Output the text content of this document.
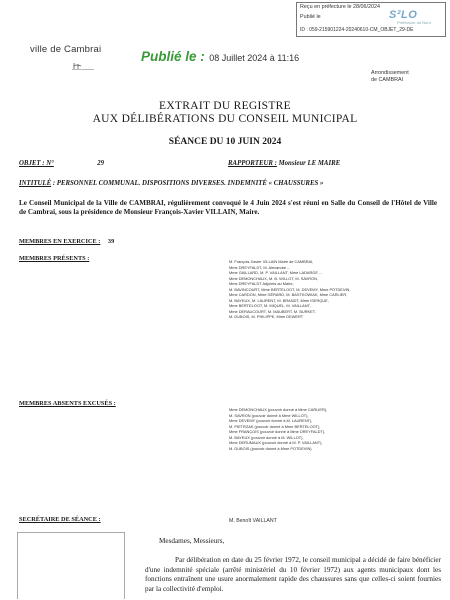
Reçu en préfecture le 28/06/2024
Publié le	S²LO
Préfecture du Nord
ID : 059-215901224-20240610-CM_OBJET_29-DE
ville de Cambrai	Publié le : 08 Juillet 2024 à 11:16
Arrondissement
de CAMBRAI
EXTRAIT DU REGISTRE
AUX DÉLIBÉRATIONS DU CONSEIL MUNICIPAL
SÉANCE DU 10 JUIN 2024
OBJET : N°	29	RAPPORTEUR : Monsieur LE MAIRE
INTITULÉ : PERSONNEL COMMUNAL. DISPOSITIONS DIVERSES. INDEMNITÉ « CHAUSSURES »
Le Conseil Municipal de la Ville de CAMBRAI, régulièrement convoqué le 4 Juin 2024 s'est réuni en Salle du Conseil de l'Hôtel de Ville de Cambrai, sous la présidence de Monsieur François-Xavier VILLAIN, Maire.
MEMBRES EN EXERCICE : 39
MEMBRES PRÉSENTS :	M. François-Xavier VILLAIN Maire de CAMBRAI,
Mme DREYFALDT, M. Alexandre ...
Mme GAILLARD, M. P. VAILLANT, Mme LADARGE ...
Mme DEMONCHAUX, M. B. WILLOT, M. SAVRON,
Mme DREYFALDT Adjoints au Maire,
M. BAVINCOURT, Mme BERTELOOT, M. DEVEMY, Mme POTDEVIN,
Mme CARDON, Mme GÉRARD, M. BASTKOWIAK, Mme CARLIER,
M. BAYEUX, M. LAURENT, M. BRANDT, Mme ISERQUE,
Mme BERTELOOT, M. MIQUEL, M. VAILLANT,
Mme DERAUCOURT, M. MAUBERT, M. BURKET,
M. DUBOIS, M. PHILIPPE, Mme DEWERT
MEMBRES ABSENTS EXCUSÉS :
Mme DEMONCHAUX (pouvoir donné à Mme CARLIER),
M. SAVRON (pouvoir donné à Mme WILLOT),
Mme DEVEMY (pouvoir donné à M. LAURENT),
M. PIETRZAK (pouvoir donné à Mme BERTELOOT),
Mme FRANÇOIS (pouvoir donné à Mme DREYFALDT),
M. BAYEUX (pouvoir donné à M. WILLOT),
Mme DERUMAUX (pouvoir donné à M. P. VAILLANT),
M. DUBOIS (pouvoir donné à Mme POTDEVIN)
SECRÉTAIRE DE SÉANCE :	M. Benoît VAILLANT
Mesdames, Messieurs,
Par délibération en date du 25 février 1972, le conseil municipal a décidé de faire bénéficier d'une indemnité spéciale (arrêté ministériel du 10 février 1972) aux agents municipaux dont les fonctions entraînent une usure anormalement rapide des chaussures sans que celles-ci soient fournies par la collectivité d'emploi.
